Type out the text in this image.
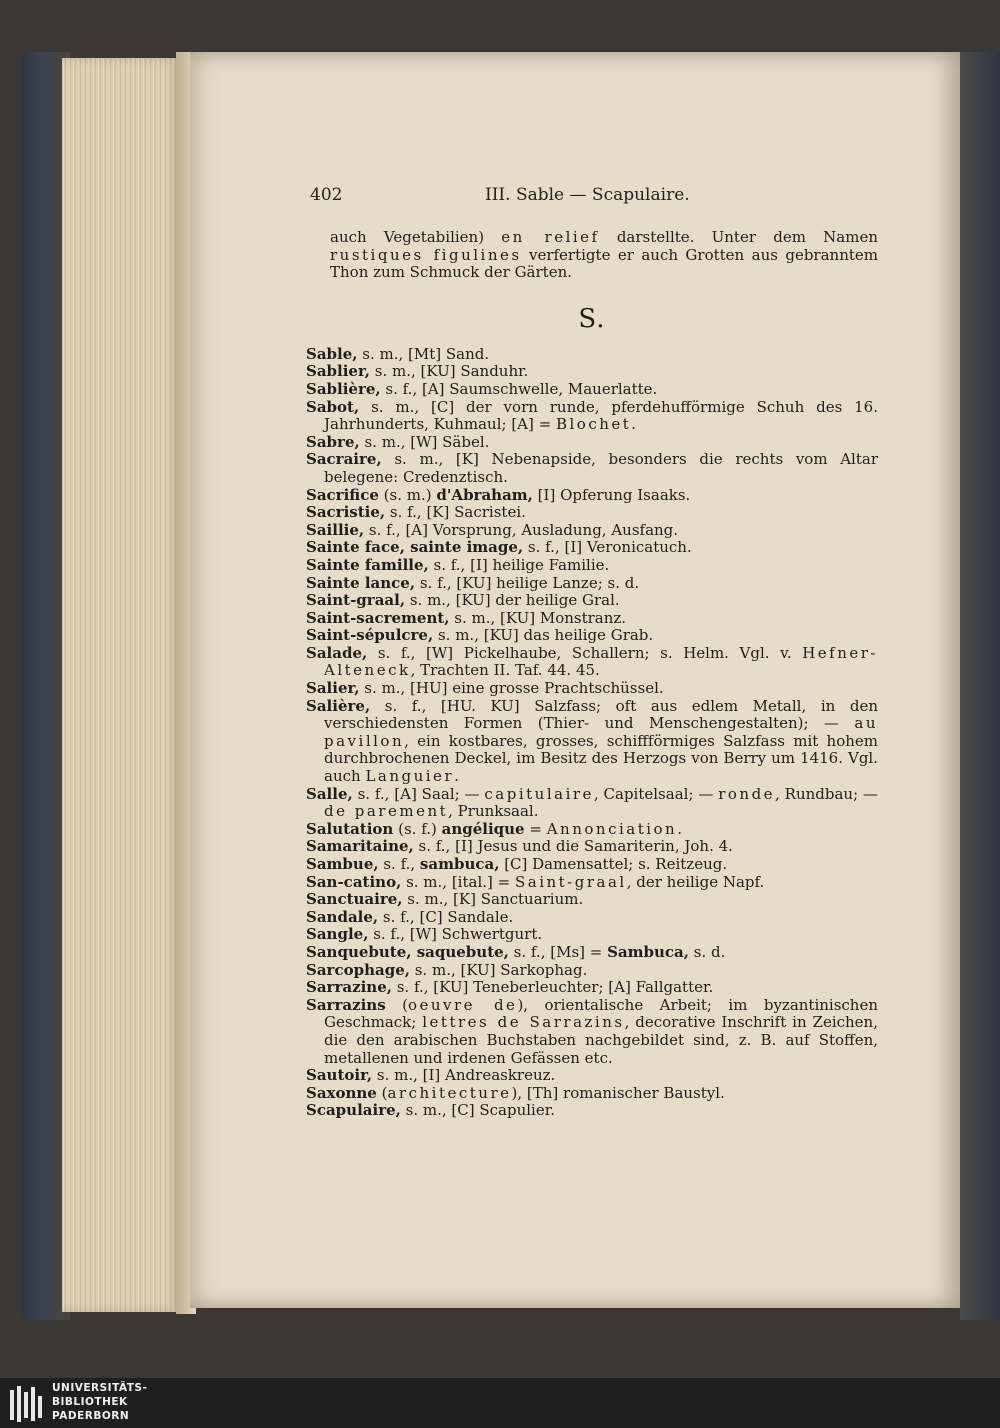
402	III. Sable — Scapulaire.

auch Vegetabilien) en relief darstellte. Unter dem Namen rustiques figulines verfertigte er auch Grotten aus gebranntem Thon zum Schmuck der Gärten.

S.

Sable, s. m., [Mt] Sand.

Sablier, s. m., [KU] Sanduhr.

Sablière, s. f., [A] Saumschwelle, Mauerlatte.

Sabot, s. m., [C] der vorn runde, pferdehufförmige Schuh des 16. Jahrhunderts, Kuhmaul; [A] = Blochet.

Sabre, s. m., [W] Säbel.

Sacraire, s. m., [K] Nebenapside, besonders die rechts vom Altar belegene: Credenztisch.

Sacrifice (s. m.) d'Abraham, [I] Opferung Isaaks.

Sacristie, s. f., [K] Sacristei.

Saillie, s. f., [A] Vorsprung, Ausladung, Ausfang.

Sainte face, sainte image, s. f., [I] Veronicatuch.

Sainte famille, s. f., [I] heilige Familie.

Sainte lance, s. f., [KU] heilige Lanze; s. d.

Saint-graal, s. m., [KU] der heilige Gral.

Saint-sacrement, s. m., [KU] Monstranz.

Saint-sépulcre, s. m., [KU] das heilige Grab.

Salade, s. f., [W] Pickelhaube, Schallern; s. Helm. Vgl. v. Hefner-Alteneck, Trachten II. Taf. 44. 45.

Salier, s. m., [HU] eine grosse Prachtschüssel.

Salière, s. f., [HU. KU] Salzfass; oft aus edlem Metall, in den verschiedensten Formen (Thier- und Menschengestalten); — au pavillon, ein kostbares, grosses, schiffförmiges Salzfass mit hohem durchbrochenen Deckel, im Besitz des Herzogs von Berry um 1416. Vgl. auch Languier.

Salle, s. f., [A] Saal; — capitulaire, Capitelsaal; — ronde, Rundbau; — de parement, Prunksaal.

Salutation (s. f.) angélique = Annonciation.

Samaritaine, s. f., [I] Jesus und die Samariterin, Joh. 4.

Sambue, s. f., sambuca, [C] Damensattel; s. Reitzeug.

San-catino, s. m., [ital.] = Saint-graal, der heilige Napf.

Sanctuaire, s. m., [K] Sanctuarium.

Sandale, s. f., [C] Sandale.

Sangle, s. f., [W] Schwertgurt.

Sanquebute, saquebute, s. f., [Ms] = Sambuca, s. d.

Sarcophage, s. m., [KU] Sarkophag.

Sarrazine, s. f., [KU] Teneberleuchter; [A] Fallgatter.

Sarrazins (oeuvre de), orientalische Arbeit; im byzantinischen Geschmack; lettres de Sarrazins, decorative Inschrift in Zeichen, die den arabischen Buchstaben nachgebildet sind, z. B. auf Stoffen, metallenen und irdenen Gefässen etc.

Sautoir, s. m., [I] Andreaskreuz.

Saxonne (architecture), [Th] romanischer Baustyl.

Scapulaire, s. m., [C] Scapulier.

UNIVERSITÄTS-
BIBLIOTHEK
PADERBORN
